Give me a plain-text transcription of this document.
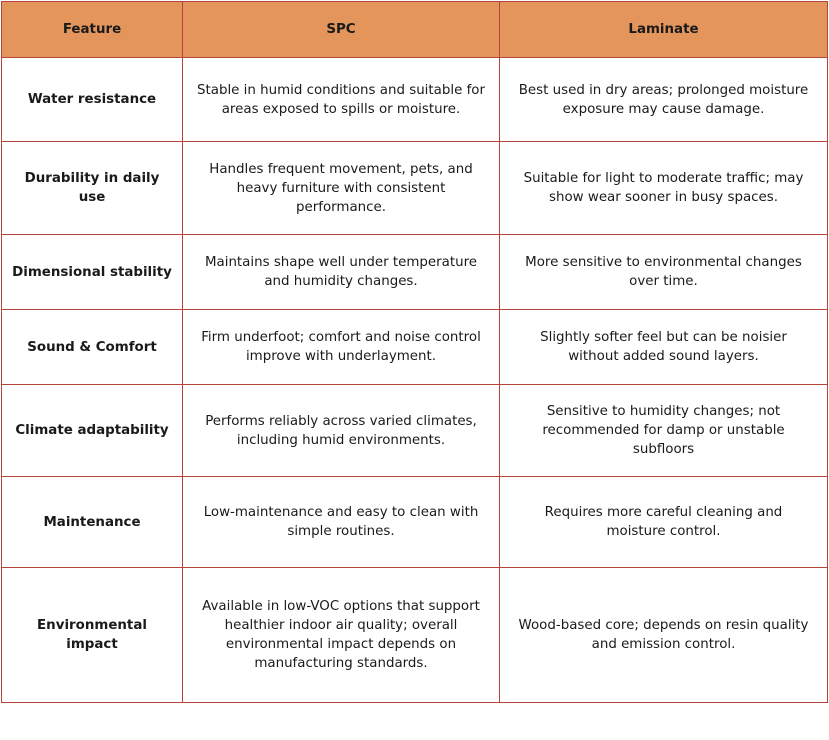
Feature	SPC	Laminate
Water resistance	Stable in humid conditions and suitable for areas exposed to spills or moisture.	Best used in dry areas; prolonged moisture exposure may cause damage.
Durability in daily use	Handles frequent movement, pets, and heavy furniture with consistent performance.	Suitable for light to moderate traffic; may show wear sooner in busy spaces.
Dimensional stability	Maintains shape well under temperature and humidity changes.	More sensitive to environmental changes over time.
Sound & Comfort	Firm underfoot; comfort and noise control improve with underlayment.	Slightly softer feel but can be noisier without added sound layers.
Climate adaptability	Performs reliably across varied climates, including humid environments.	Sensitive to humidity changes; not recommended for damp or unstable subfloors
Maintenance	Low-maintenance and easy to clean with simple routines.	Requires more careful cleaning and moisture control.
Environmental impact	Available in low-VOC options that support healthier indoor air quality; overall environmental impact depends on manufacturing standards.	Wood-based core; depends on resin quality and emission control.
